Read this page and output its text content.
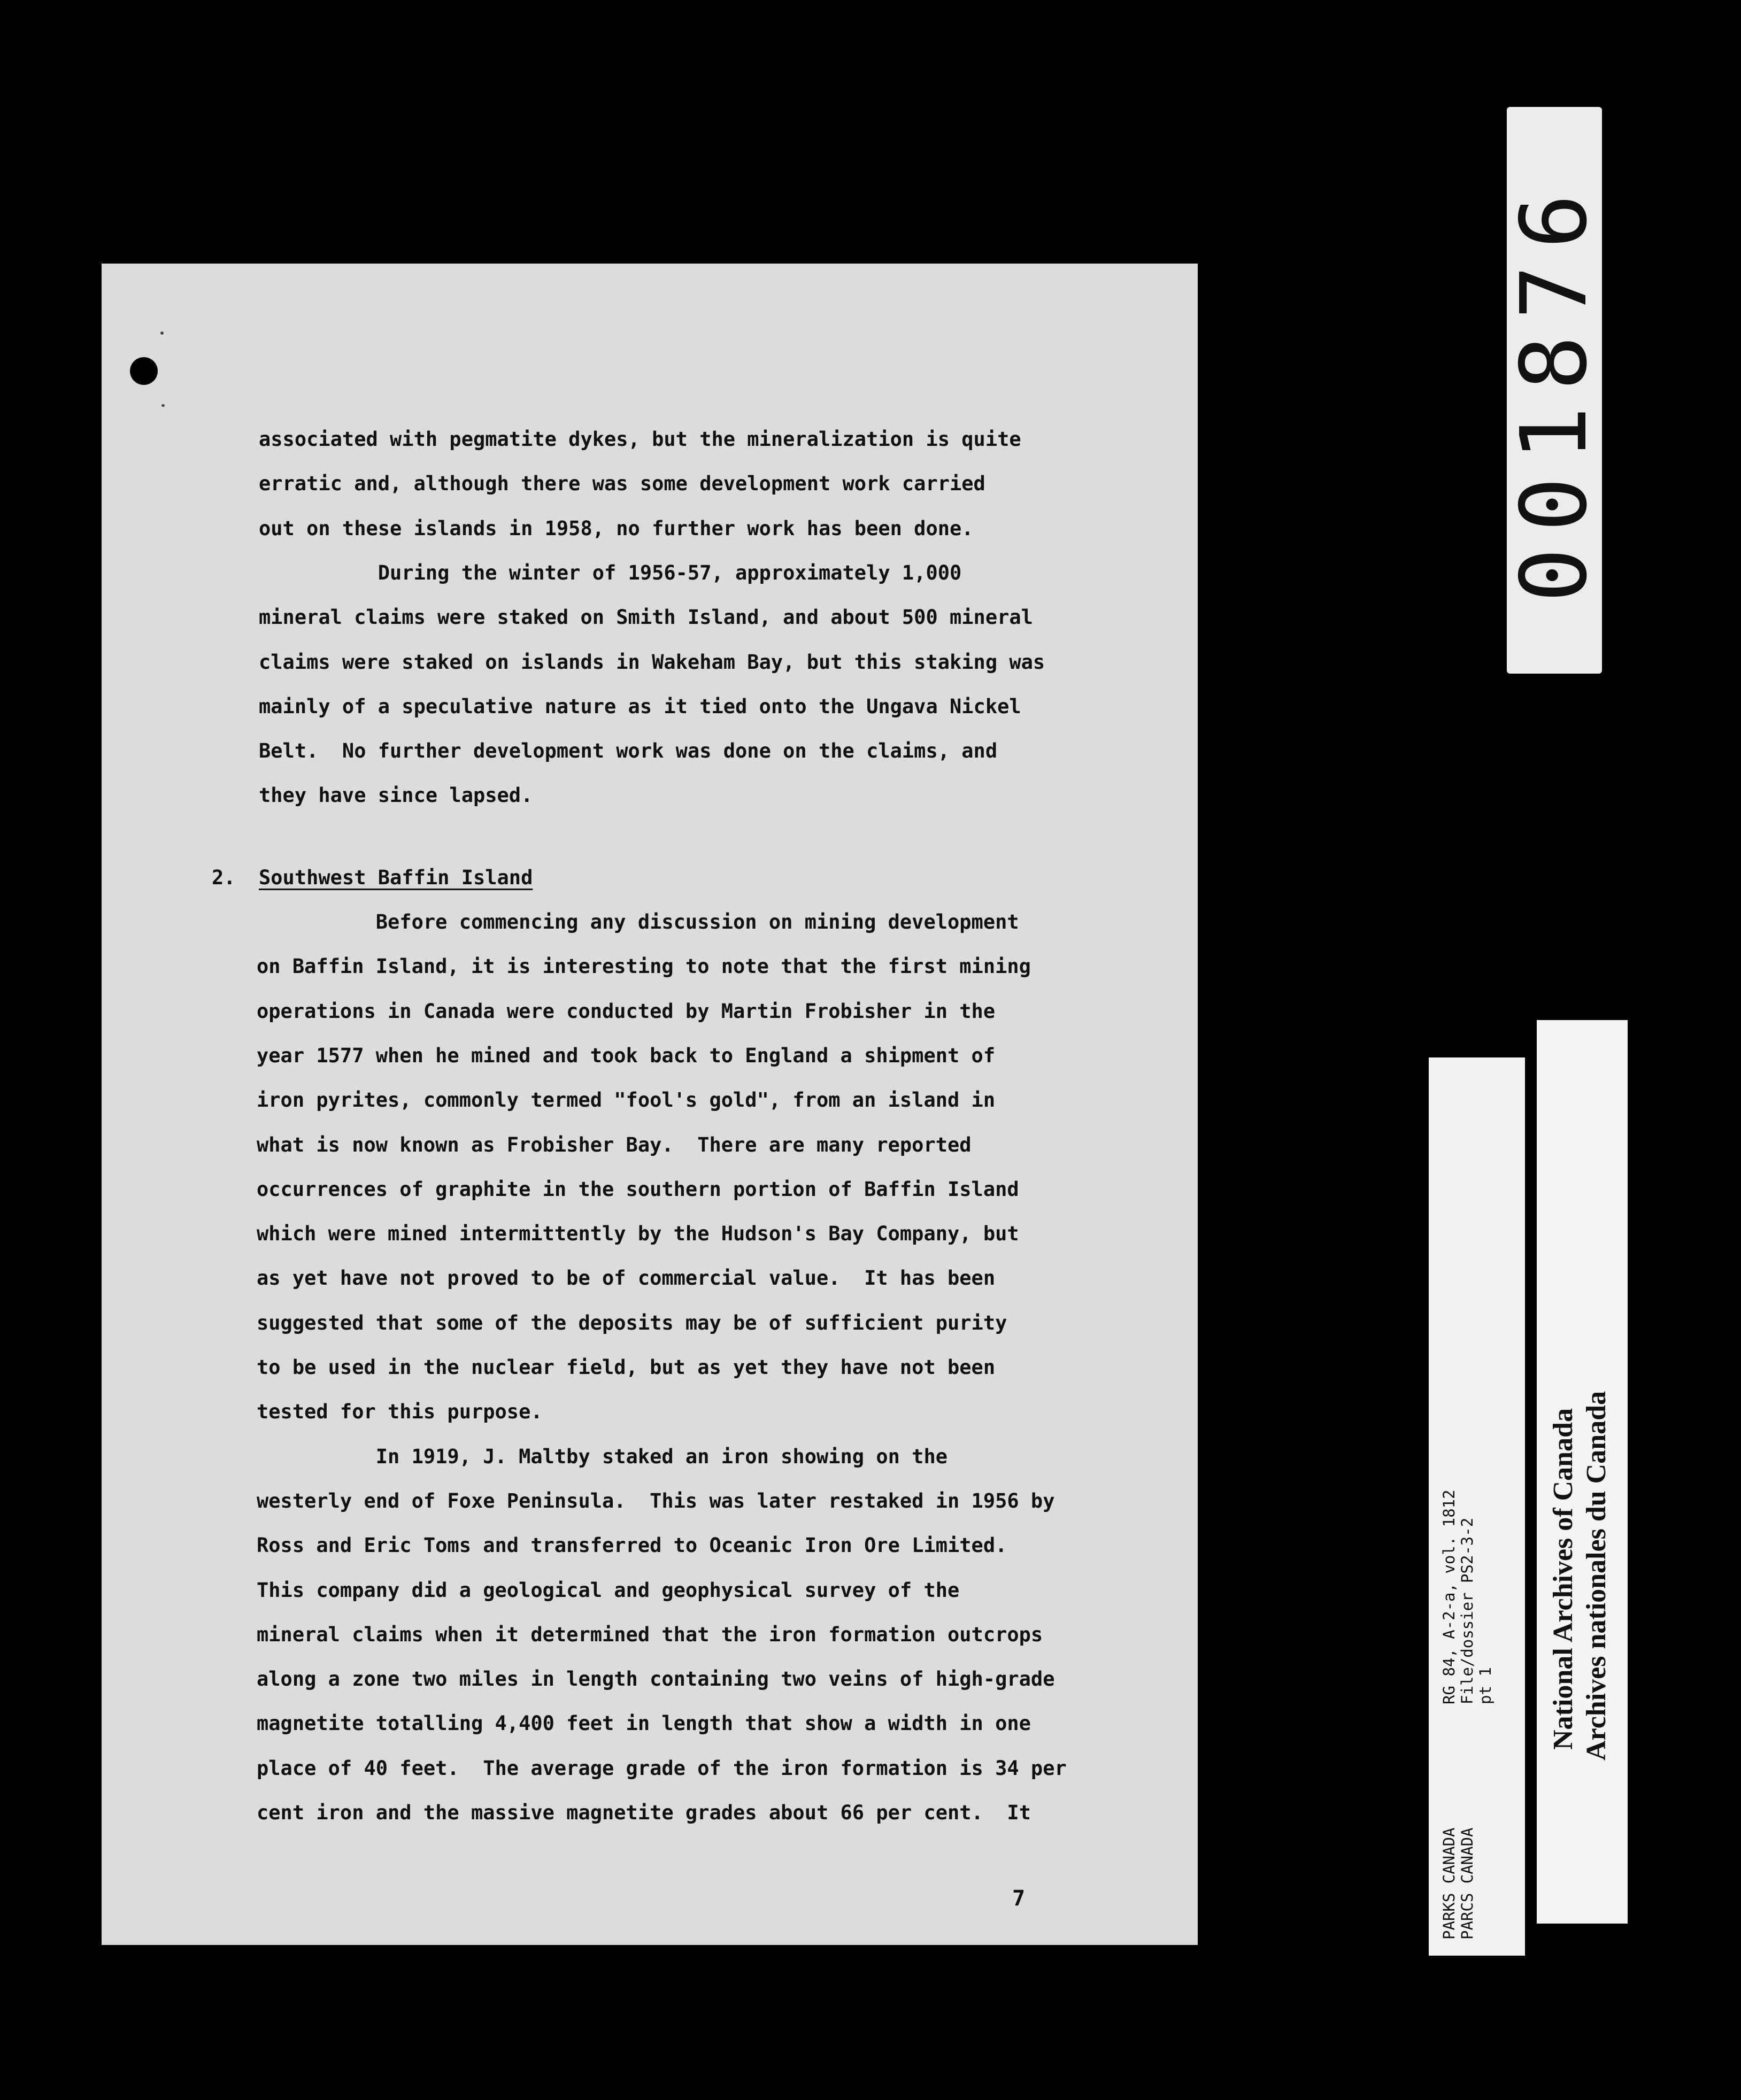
associated with pegmatite dykes, but the mineralization is quite
erratic and, although there was some development work carried
out on these islands in 1958, no further work has been done.
During the winter of 1956-57, approximately 1,000
mineral claims were staked on Smith Island, and about 500 mineral
claims were staked on islands in Wakeham Bay, but this staking was
mainly of a speculative nature as it tied onto the Ungava Nickel
Belt.  No further development work was done on the claims, and
they have since lapsed.
2. Southwest Baffin Island
Before commencing any discussion on mining development
on Baffin Island, it is interesting to note that the first mining
operations in Canada were conducted by Martin Frobisher in the
year 1577 when he mined and took back to England a shipment of
iron pyrites, commonly termed "fool's gold", from an island in
what is now known as Frobisher Bay.  There are many reported
occurrences of graphite in the southern portion of Baffin Island
which were mined intermittently by the Hudson's Bay Company, but
as yet have not proved to be of commercial value.  It has been
suggested that some of the deposits may be of sufficient purity
to be used in the nuclear field, but as yet they have not been
tested for this purpose.
In 1919, J. Maltby staked an iron showing on the
westerly end of Foxe Peninsula.  This was later restaked in 1956 by
Ross and Eric Toms and transferred to Oceanic Iron Ore Limited.
This company did a geological and geophysical survey of the
mineral claims when it determined that the iron formation outcrops
along a zone two miles in length containing two veins of high-grade
magnetite totalling 4,400 feet in length that show a width in one
place of 40 feet.  The average grade of the iron formation is 34 per
cent iron and the massive magnetite grades about 66 per cent.  It
7
001876
RG 84, A-2-a, vol. 1812 File/dossier PS2-3-2 pt 1
PARKS CANADA PARCS CANADA
National Archives of Canada Archives nationales du Canada
